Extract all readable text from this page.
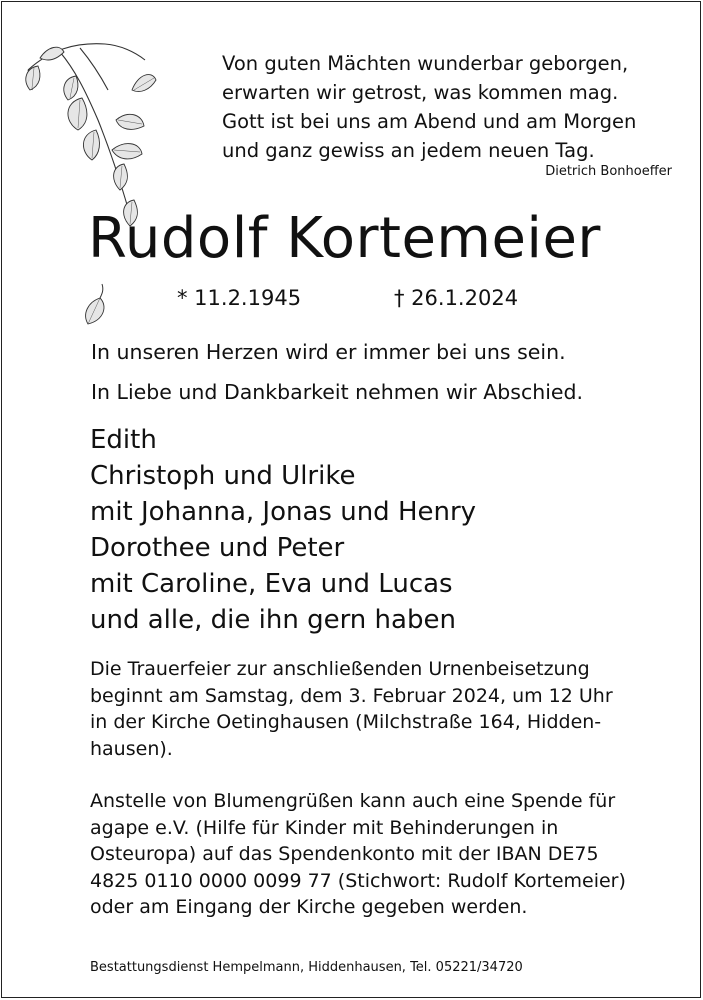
Von guten Mächten wunderbar geborgen,
erwarten wir getrost, was kommen mag.
Gott ist bei uns am Abend und am Morgen
und ganz gewiss an jedem neuen Tag.
Dietrich Bonhoeffer
Rudolf Kortemeier
* 11.2.1945	† 26.1.2024
In unseren Herzen wird er immer bei uns sein.
In Liebe und Dankbarkeit nehmen wir Abschied.
Edith
Christoph und Ulrike
mit Johanna, Jonas und Henry
Dorothee und Peter
mit Caroline, Eva und Lucas
und alle, die ihn gern haben
Die Trauerfeier zur anschließenden Urnenbeisetzung
beginnt am Samstag, dem 3. Februar 2024, um 12 Uhr
in der Kirche Oetinghausen (Milchstraße 164, Hidden-
hausen).
Anstelle von Blumengrüßen kann auch eine Spende für
agape e.V. (Hilfe für Kinder mit Behinderungen in
Osteuropa) auf das Spendenkonto mit der IBAN DE75
4825 0110 0000 0099 77 (Stichwort: Rudolf Kortemeier)
oder am Eingang der Kirche gegeben werden.
Bestattungsdienst Hempelmann, Hiddenhausen, Tel. 05221/34720
